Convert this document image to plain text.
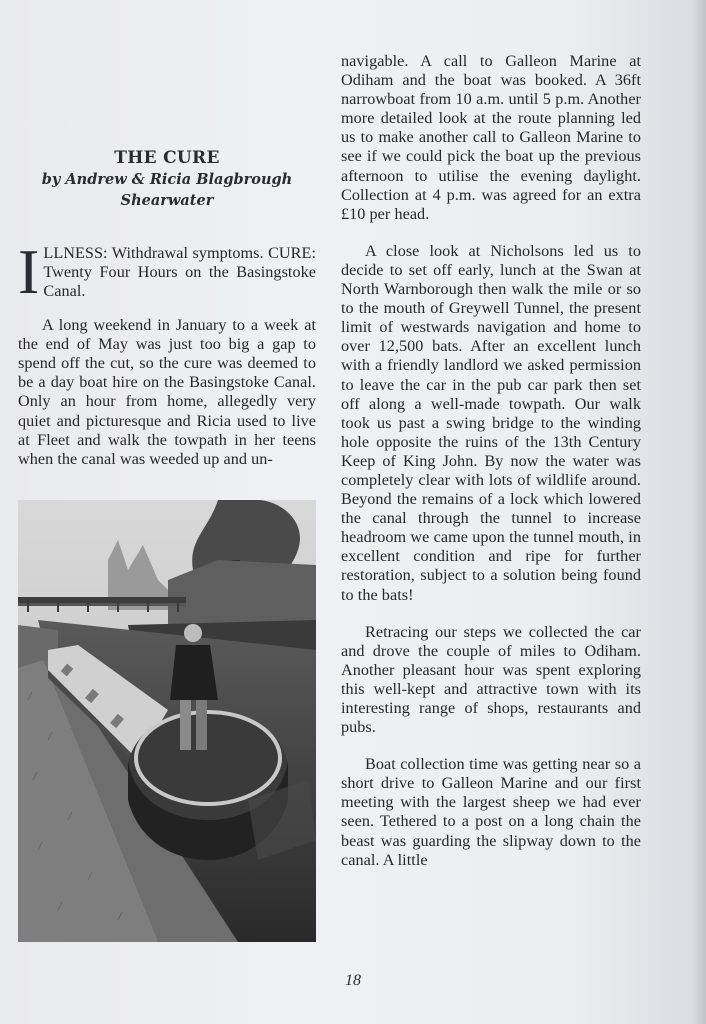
THE CURE

by Andrew & Ricia Blagbrough

Shearwater

ILLNESS: Withdrawal symptoms. CURE: Twenty Four Hours on the Basingstoke Canal.

A long weekend in January to a week at the end of May was just too big a gap to spend off the cut, so the cure was deemed to be a day boat hire on the Basingstoke Canal. Only an hour from home, allegedly very quiet and picturesque and Ricia used to live at Fleet and walk the towpath in her teens when the canal was weeded up and un-

navigable. A call to Galleon Marine at Odiham and the boat was booked. A 36ft narrowboat from 10 a.m. until 5 p.m. Another more detailed look at the route planning led us to make another call to Galleon Marine to see if we could pick the boat up the previous afternoon to utilise the evening daylight. Collection at 4 p.m. was agreed for an extra £10 per head.

A close look at Nicholsons led us to decide to set off early, lunch at the Swan at North Warnborough then walk the mile or so to the mouth of Greywell Tunnel, the present limit of westwards navigation and home to over 12,500 bats. After an excellent lunch with a friendly landlord we asked permission to leave the car in the pub car park then set off along a well-made towpath. Our walk took us past a swing bridge to the winding hole opposite the ruins of the 13th Century Keep of King John. By now the water was completely clear with lots of wildlife around. Beyond the remains of a lock which lowered the canal through the tunnel to increase headroom we came upon the tunnel mouth, in excellent condition and ripe for further restoration, subject to a solution being found to the bats!

Retracing our steps we collected the car and drove the couple of miles to Odiham. Another pleasant hour was spent exploring this well-kept and attractive town with its interesting range of shops, restaurants and pubs.

Boat collection time was getting near so a short drive to Galleon Marine and our first meeting with the largest sheep we had ever seen. Tethered to a post on a long chain the beast was guarding the slipway down to the canal. A little

18
